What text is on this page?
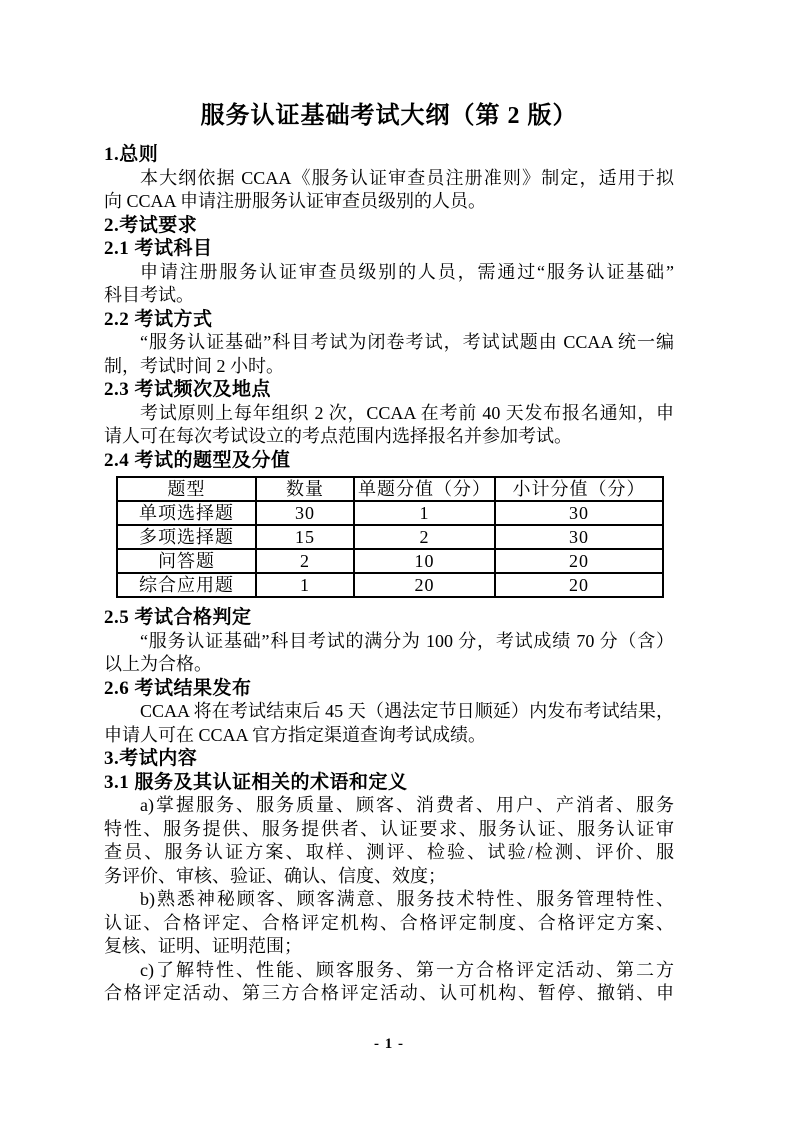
服务认证基础考试大纲（第 2 版）
1.总则
本大纲依据 CCAA《服务认证审查员注册准则》制定，适用于拟
向 CCAA 申请注册服务认证审查员级别的人员。
2.考试要求
2.1 考试科目
申请注册服务认证审查员级别的人员，需通过“服务认证基础”
科目考试。
2.2 考试方式
“服务认证基础”科目考试为闭卷考试，考试试题由 CCAA 统一编
制，考试时间 2 小时。
2.3 考试频次及地点
考试原则上每年组织 2 次，CCAA 在考前 40 天发布报名通知，申
请人可在每次考试设立的考点范围内选择报名并参加考试。
2.4 考试的题型及分值
题型	数量	单题分值（分）	小计分值（分）
单项选择题	30	1	30
多项选择题	15	2	30
问答题	2	10	20
综合应用题	1	20	20
2.5 考试合格判定
“服务认证基础”科目考试的满分为 100 分，考试成绩 70 分（含）
以上为合格。
2.6 考试结果发布
CCAA 将在考试结束后 45 天（遇法定节日顺延）内发布考试结果，
申请人可在 CCAA 官方指定渠道查询考试成绩。
3.考试内容
3.1 服务及其认证相关的术语和定义
a)掌握服务、服务质量、顾客、消费者、用户、产消者、服务
特性、服务提供、服务提供者、认证要求、服务认证、服务认证审
查员、服务认证方案、取样、测评、检验、试验/检测、评价、服
务评价、审核、验证、确认、信度、效度；
b)熟悉神秘顾客、顾客满意、服务技术特性、服务管理特性、
认证、合格评定、合格评定机构、合格评定制度、合格评定方案、
复核、证明、证明范围；
c)了解特性、性能、顾客服务、第一方合格评定活动、第二方
合格评定活动、第三方合格评定活动、认可机构、暂停、撤销、申
- 1 -
